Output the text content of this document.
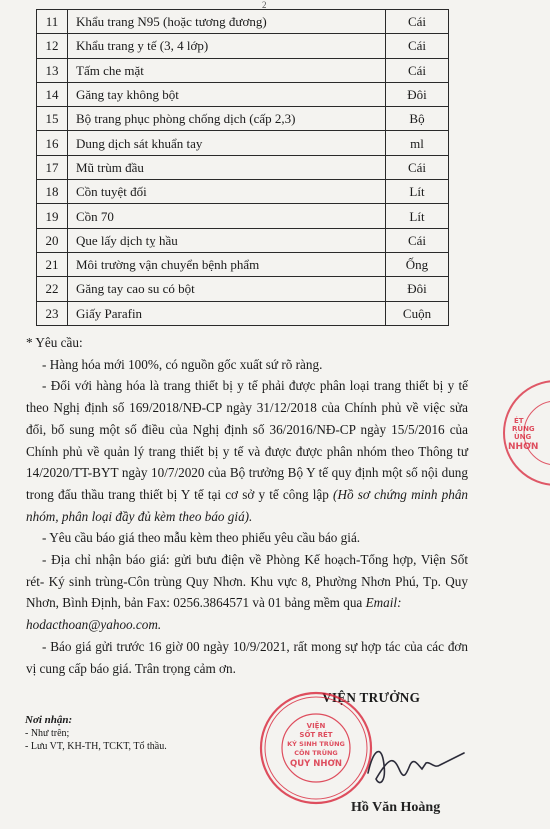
2
11	Khẩu trang N95 (hoặc tương đương)	Cái
12	Khẩu trang y tế (3, 4 lớp)	Cái
13	Tấm che mặt	Cái
14	Găng tay không bột	Đôi
15	Bộ trang phục phòng chống dịch (cấp 2,3)	Bộ
16	Dung dịch sát khuẩn tay	ml
17	Mũ trùm đầu	Cái
18	Cồn tuyệt đối	Lít
19	Cồn 70	Lít
20	Que lấy dịch tỵ hầu	Cái
21	Môi trường vận chuyển bệnh phẩm	Ống
22	Găng tay cao su có bột	Đôi
23	Giấy Parafin	Cuộn

* Yêu cầu:

- Hàng hóa mới 100%, có nguồn gốc xuất sứ rõ ràng.

- Đối với hàng hóa là trang thiết bị y tế phải được phân loại trang thiết bị y tế theo Nghị định số 169/2018/NĐ-CP ngày 31/12/2018 của Chính phủ về việc sửa đổi, bổ sung một số điều của Nghị định số 36/2016/NĐ-CP ngày 15/5/2016 của Chính phủ về quản lý trang thiết bị y tế và được được phân nhóm theo Thông tư 14/2020/TT-BYT ngày 10/7/2020 của Bộ trưởng Bộ Y tế quy định một số nội dung trong đấu thầu trang thiết bị Y tế tại cơ sở y tế công lập (Hồ sơ chứng minh phân nhóm, phân loại đầy đủ kèm theo báo giá).

- Yêu cầu báo giá theo mẫu kèm theo phiếu yêu cầu báo giá.

- Địa chỉ nhận báo giá: gửi bưu điện về Phòng Kế hoạch-Tổng hợp, Viện Sốt rét- Ký sinh trùng-Côn trùng Quy Nhơn. Khu vực 8, Phường Nhơn Phú, Tp. Quy Nhơn, Bình Định, bản Fax: 0256.3864571 và 01 bảng mềm qua Email:
hodacthoan@yahoo.com.

- Báo giá gửi trước 16 giờ 00 ngày 10/9/2021, rất mong sự hợp tác của các đơn vị cung cấp báo giá. Trân trọng cảm ơn.

VIỆN TRƯỞNG
Nơi nhận:
- Như trên;
- Lưu VT, KH-TH, TCKT, Tổ thầu.
VIỆN
SỐT RÉT
KÝ SINH TRÙNG
CÔN TRÙNG
QUY NHƠN
ÉT
RÙNG
ÙNG
NHƠN
Hồ Văn Hoàng
